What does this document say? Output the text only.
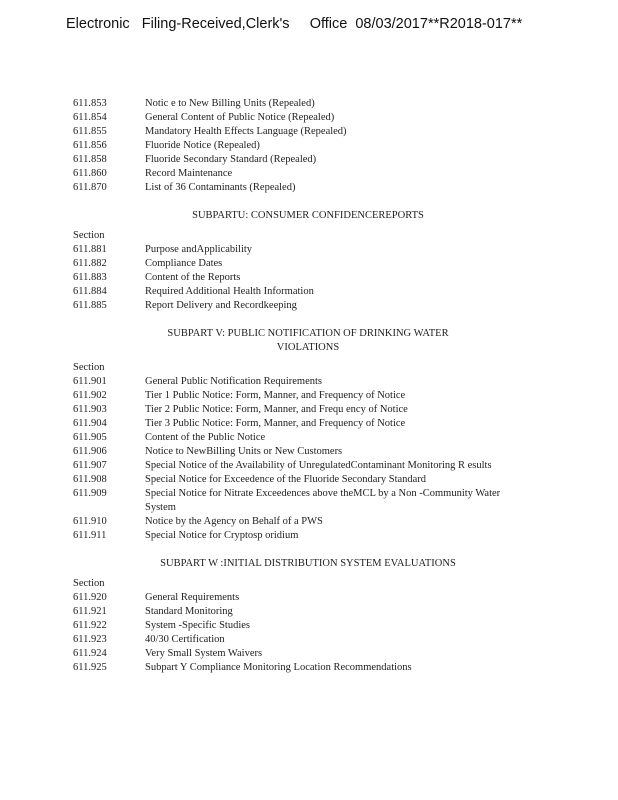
Electronic   Filing-Received,Clerk's     Office  08/03/2017**R2018-017**
611.853	Notic e to New Billing Units (Repealed)
611.854	General Content of Public Notice (Repealed)
611.855	Mandatory Health Effects Language (Repealed)
611.856	Fluoride Notice (Repealed)
611.858	Fluoride Secondary Standard (Repealed)
611.860	Record Maintenance
611.870	List of 36 Contaminants (Repealed)
SUBPARTU: CONSUMER CONFIDENCEREPORTS
Section
611.881	Purpose andApplicability
611.882	Compliance Dates
611.883	Content of the Reports
611.884	Required Additional Health Information
611.885	Report Delivery and Recordkeeping
SUBPART V: PUBLIC NOTIFICATION OF DRINKING WATER
VIOLATIONS
Section
611.901	General Public Notification Requirements
611.902	Tier 1 Public Notice: Form, Manner, and Frequency of Notice
611.903	Tier 2 Public Notice: Form, Manner, and Frequ ency of Notice
611.904	Tier 3 Public Notice: Form, Manner, and Frequency of Notice
611.905	Content of the Public Notice
611.906	Notice to NewBilling Units or New Customers
611.907	Special Notice of the Availability of UnregulatedContaminant Monitoring R esults
611.908	Special Notice for Exceedence of the Fluoride Secondary Standard
611.909	Special Notice for Nitrate Exceedences above theMCL by a Non -Community Water System
611.910	Notice by the Agency on Behalf of a PWS
611.911	Special Notice for Cryptosp oridium
SUBPART W :INITIAL DISTRIBUTION SYSTEM EVALUATIONS
Section
611.920	General Requirements
611.921	Standard Monitoring
611.922	System -Specific Studies
611.923	40/30 Certification
611.924	Very Small System Waivers
611.925	Subpart Y Compliance Monitoring Location Recommendations
